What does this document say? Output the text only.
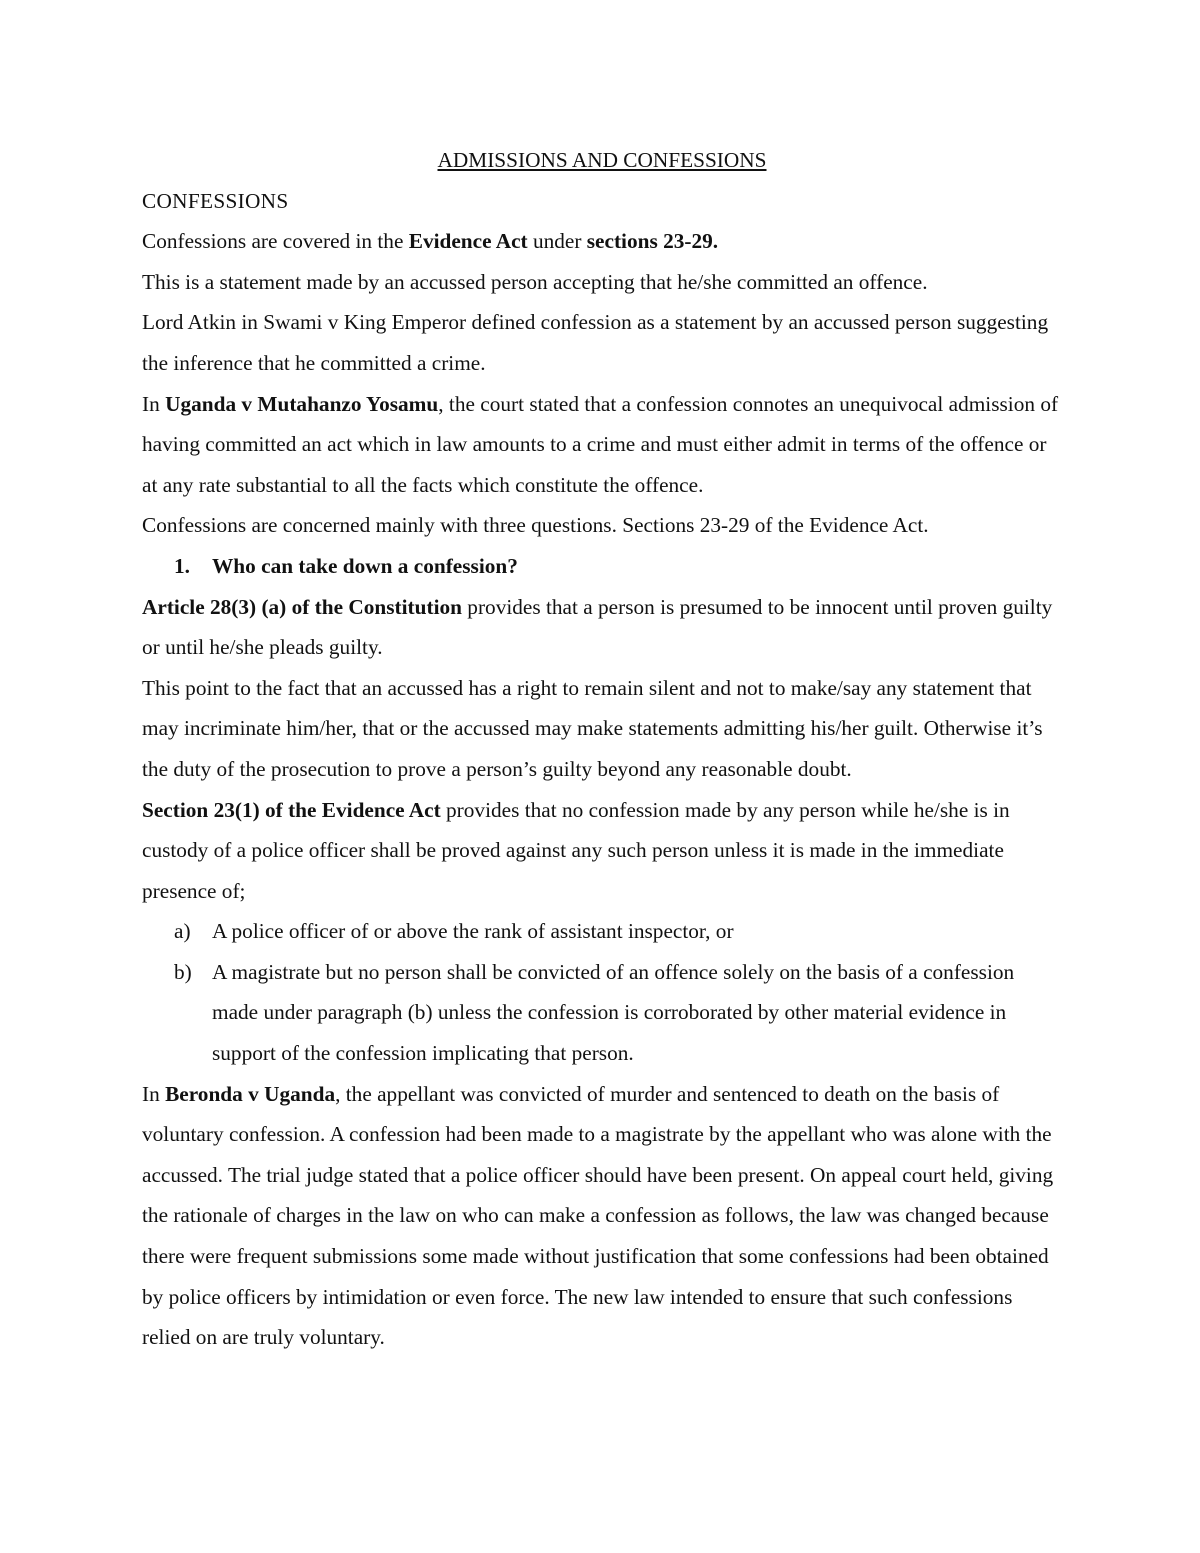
ADMISSIONS AND CONFESSIONS
CONFESSIONS

Confessions are covered in the Evidence Act under sections 23-29.

This is a statement made by an accussed person accepting that he/she committed an offence.

Lord Atkin in Swami v King Emperor defined confession as a statement by an accussed person suggesting the inference that he committed a crime.

In Uganda v Mutahanzo Yosamu, the court stated that a confession connotes an unequivocal admission of having committed an act which in law amounts to a crime and must either admit in terms of the offence or at any rate substantial to all the facts which constitute the offence.

Confessions are concerned mainly with three questions. Sections 23-29 of the Evidence Act.

1. Who can take down a confession?

Article 28(3) (a) of the Constitution provides that a person is presumed to be innocent until proven guilty or until he/she pleads guilty.

This point to the fact that an accussed has a right to remain silent and not to make/say any statement that may incriminate him/her, that or the accussed may make statements admitting his/her guilt. Otherwise it’s the duty of the prosecution to prove a person’s guilty beyond any reasonable doubt.

Section 23(1) of the Evidence Act provides that no confession made by any person while he/she is in custody of a police officer shall be proved against any such person unless it is made in the immediate presence of;

a) A police officer of or above the rank of assistant inspector, or

b) A magistrate but no person shall be convicted of an offence solely on the basis of a confession made under paragraph (b) unless the confession is corroborated by other material evidence in support of the confession implicating that person.

In Beronda v Uganda, the appellant was convicted of murder and sentenced to death on the basis of voluntary confession. A confession had been made to a magistrate by the appellant who was alone with the accussed. The trial judge stated that a police officer should have been present. On appeal court held, giving the rationale of charges in the law on who can make a confession as follows, the law was changed because there were frequent submissions some made without justification that some confessions had been obtained by police officers by intimidation or even force. The new law intended to ensure that such confessions relied on are truly voluntary.
